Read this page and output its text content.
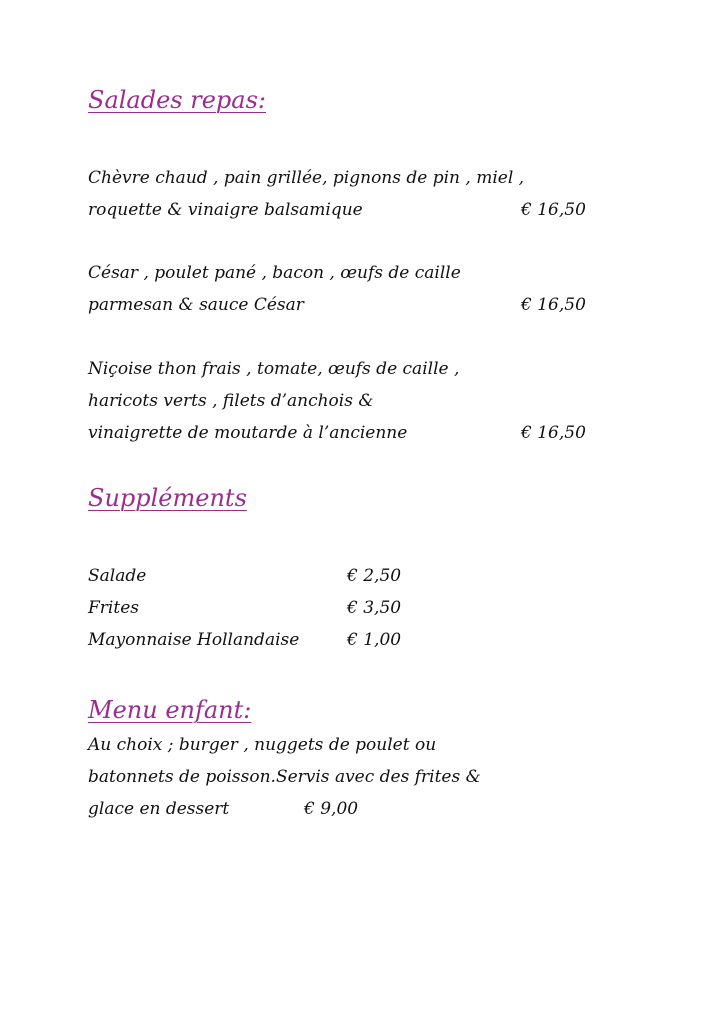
Salades repas:
Chèvre chaud , pain grillée, pignons de pin , miel ,
roquette & vinaigre balsamique	€ 16,50
César , poulet pané , bacon , œufs de caille
parmesan & sauce César	€ 16,50
Niçoise thon frais , tomate, œufs de caille ,
haricots verts , filets d’anchois &
vinaigrette de moutarde à l’ancienne	€ 16,50
Suppléments
Salade	€ 2,50
Frites	€ 3,50
Mayonnaise Hollandaise	€ 1,00
Menu enfant:
Au choix ; burger , nuggets de poulet ou
batonnets de poisson.Servis avec des frites &
glace en dessert	€ 9,00
